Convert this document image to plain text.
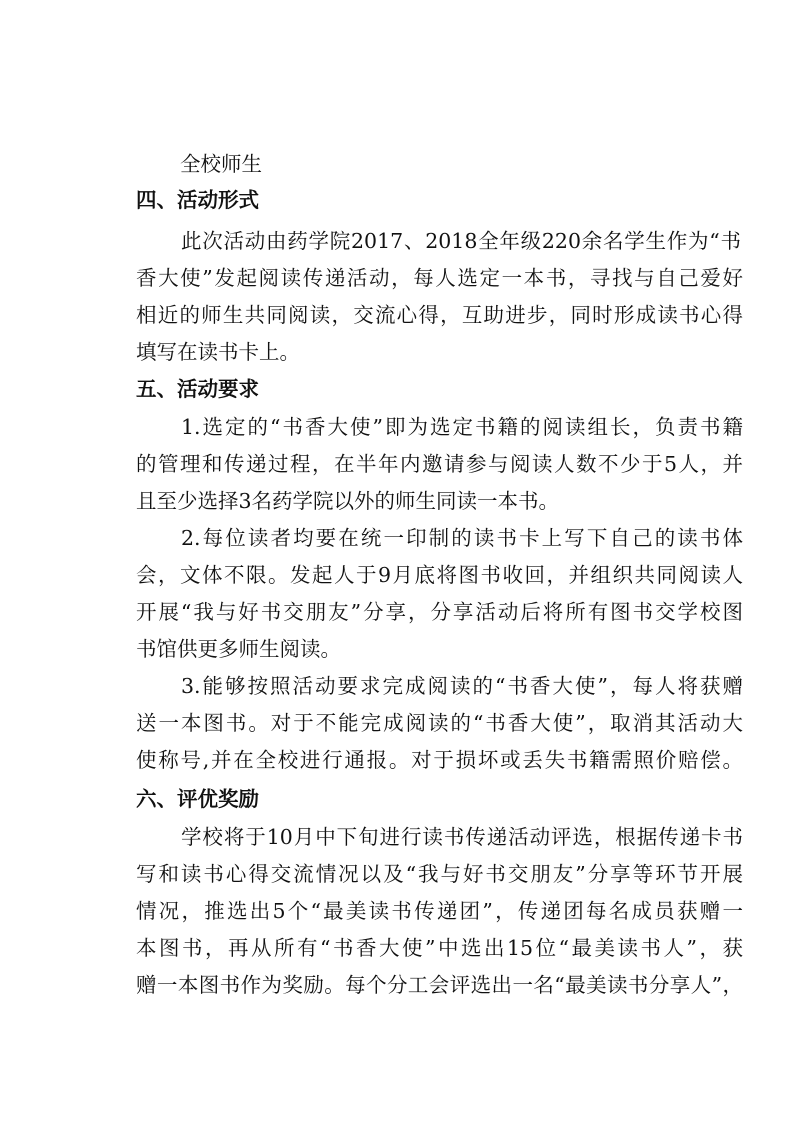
全校师生
四、活动形式
此次活动由药学院2017、2018全年级220余名学生作为“书
香大使”发起阅读传递活动，每人选定一本书，寻找与自己爱好
相近的师生共同阅读，交流心得，互助进步，同时形成读书心得
填写在读书卡上。
五、活动要求
1.选定的“书香大使”即为选定书籍的阅读组长，负责书籍
的管理和传递过程，在半年内邀请参与阅读人数不少于5人，并
且至少选择3名药学院以外的师生同读一本书。
2.每位读者均要在统一印制的读书卡上写下自己的读书体
会，文体不限。发起人于9月底将图书收回，并组织共同阅读人
开展“我与好书交朋友”分享，分享活动后将所有图书交学校图
书馆供更多师生阅读。
3.能够按照活动要求完成阅读的“书香大使”，每人将获赠
送一本图书。对于不能完成阅读的“书香大使”，取消其活动大
使称号,并在全校进行通报。对于损坏或丢失书籍需照价赔偿。
六、评优奖励
学校将于10月中下旬进行读书传递活动评选，根据传递卡书
写和读书心得交流情况以及“我与好书交朋友”分享等环节开展
情况，推选出5个“最美读书传递团”，传递团每名成员获赠一
本图书，再从所有“书香大使”中选出15位“最美读书人”，获
赠一本图书作为奖励。每个分工会评选出一名“最美读书分享人”，
